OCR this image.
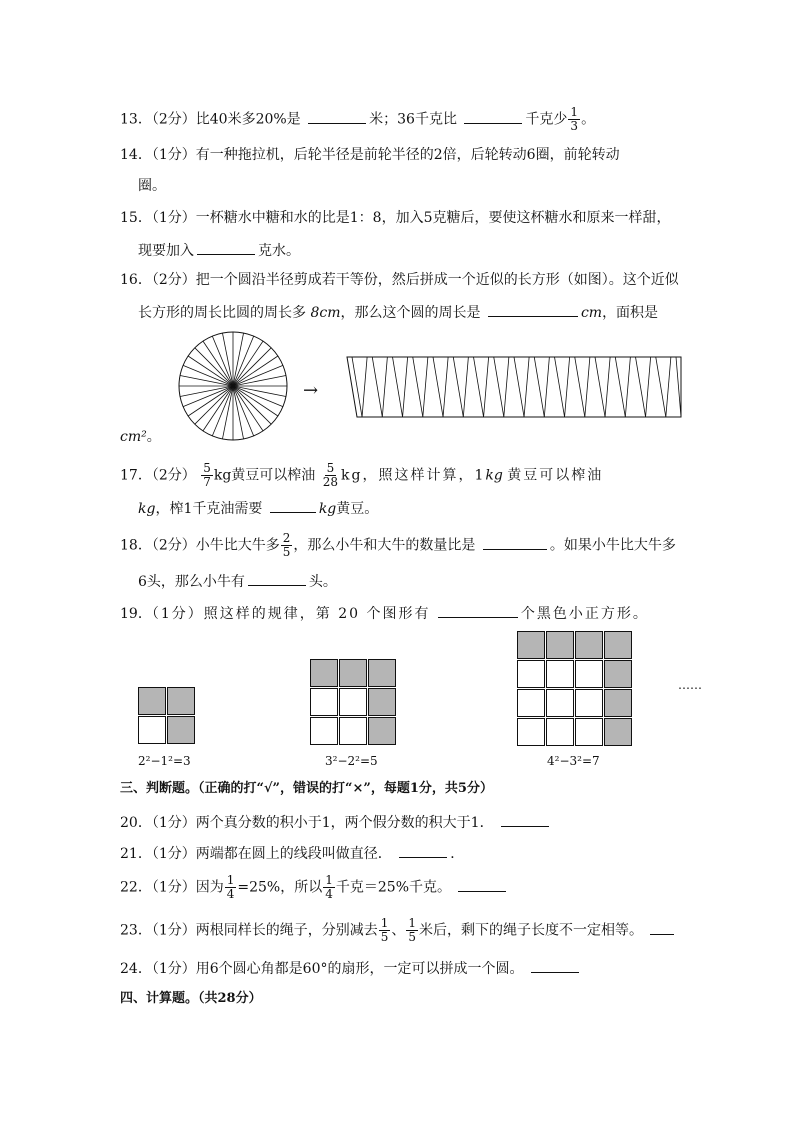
13．（2分）比40米多20%是	米；36千克比	千克少 $\frac{1}{3}$ 。
14．（1分）有一种拖拉机，后轮半径是前轮半径的2倍，后轮转动6圈，前轮转动
圈。
15．（1分）一杯糖水中糖和水的比是1：8，加入5克糖后，要使这杯糖水和原来一样甜，
现要加入	克水。
16．（2分）把一个圆沿半径剪成若干等份，然后拼成一个近似的长方形（如图）。这个近似
长方形的周长比圆的周长多 8cm，那么这个圆的周长是	cm，面积是
→
cm²。
17．（2分） $\frac{5}{7}$ kg黄豆可以榨油 $\frac{5}{28}$ kg，照这样计算，1kg 黄豆可以榨油
kg，榨1千克油需要	kg黄豆。
18．（2分）小牛比大牛多 $\frac{2}{5}$ ，那么小牛和大牛的数量比是	。如果小牛比大牛多
6头，那么小牛有	头。
19．（1分）照这样的规律，第 20 个图形有	个黑色小正方形。
2²−1²=3	3²−2²=5	4²−3²=7
……
三、判断题。（正确的打“√”，错误的打“×”，每题1分，共5分）
20．（1分）两个真分数的积小于1，两个假分数的积大于1．
21．（1分）两端都在圆上的线段叫做直径．	．
22．（1分）因为 $\frac{1}{4} =25\%$，所以 $\frac{1}{4}$ 千克＝25%千克。
23．（1分）两根同样长的绳子，分别减去 $\frac{1}{5}$ 、 $\frac{1}{5}$ 米后，剩下的绳子长度不一定相等。
24．（1分）用6个圆心角都是60°的扇形，一定可以拼成一个圆。
四、计算题。（共28分）
